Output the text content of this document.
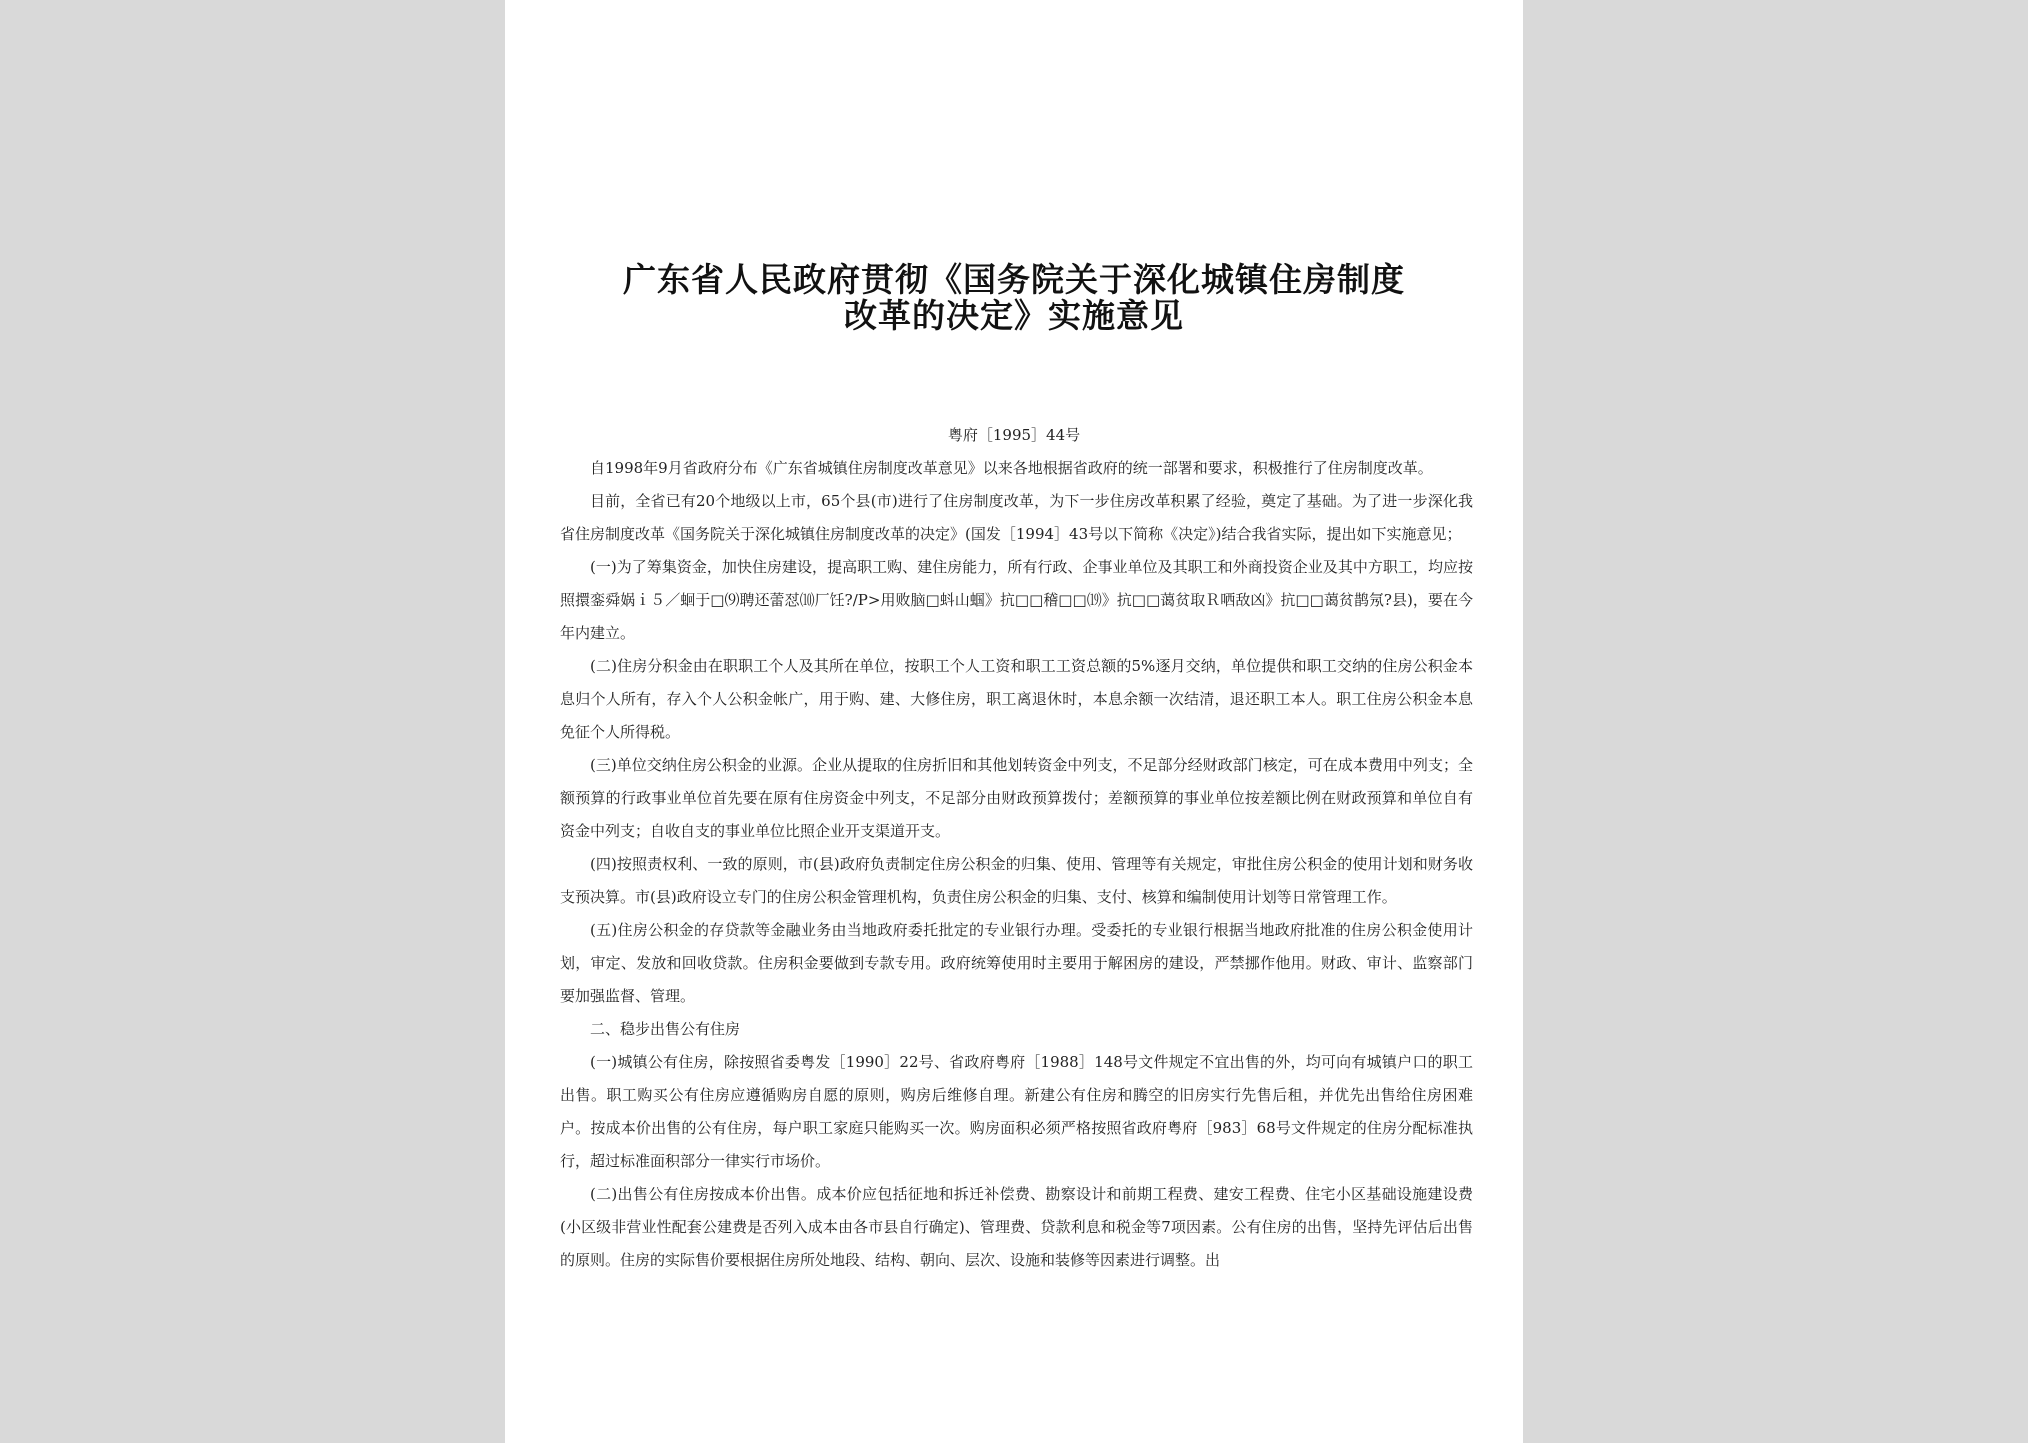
广东省人民政府贯彻《国务院关于深化城镇住房制度
改革的决定》实施意见
粤府［1995］44号

自1998年9月省政府分布《广东省城镇住房制度改革意见》以来各地根据省政府的统一部署和要求，积极推行了住房制度改革。

目前，全省已有20个地级以上市，65个县(市)进行了住房制度改革，为下一步住房改革积累了经验，奠定了基础。为了进一步深化我省住房制度改革《国务院关于深化城镇住房制度改革的决定》(国发［1994］43号以下简称《决定》)结合我省实际，提出如下实施意见；

(一)为了筹集资金，加快住房建设，提高职工购、建住房能力，所有行政、企事业单位及其职工和外商投资企业及其中方职工，均应按照擐銮舜娲ｉ５／蛔于□⑼聘还蕾怼⑽厂饪?/P>用败脑□蚪山蝈》抗□□稽□□⒆》抗□□蔼贫取Ｒ哂敌凶》抗□□蔼贫鹊氖?县)，要在今年内建立。

(二)住房分积金由在职职工个人及其所在单位，按职工个人工资和职工工资总额的5%逐月交纳，单位提供和职工交纳的住房公积金本息归个人所有，存入个人公积金帐广，用于购、建、大修住房，职工离退休时，本息余额一次结清，退还职工本人。职工住房公积金本息免征个人所得税。

(三)单位交纳住房公积金的业源。企业从提取的住房折旧和其他划转资金中列支，不足部分经财政部门核定，可在成本费用中列支；全额预算的行政事业单位首先要在原有住房资金中列支，不足部分由财政预算拨付；差额预算的事业单位按差额比例在财政预算和单位自有资金中列支；自收自支的事业单位比照企业开支渠道开支。

(四)按照责权利、一致的原则，市(县)政府负责制定住房公积金的归集、使用、管理等有关规定，审批住房公积金的使用计划和财务收支预决算。市(县)政府设立专门的住房公积金管理机构，负责住房公积金的归集、支付、核算和编制使用计划等日常管理工作。

(五)住房公积金的存贷款等金融业务由当地政府委托批定的专业银行办理。受委托的专业银行根据当地政府批准的住房公积金使用计划，审定、发放和回收贷款。住房积金要做到专款专用。政府统筹使用时主要用于解困房的建设，严禁挪作他用。财政、审计、监察部门要加强监督、管理。

二、稳步出售公有住房

(一)城镇公有住房，除按照省委粤发［1990］22号、省政府粤府［1988］148号文件规定不宜出售的外，均可向有城镇户口的职工出售。职工购买公有住房应遵循购房自愿的原则，购房后维修自理。新建公有住房和腾空的旧房实行先售后租，并优先出售给住房困难户。按成本价出售的公有住房，每户职工家庭只能购买一次。购房面积必须严格按照省政府粤府［983］68号文件规定的住房分配标准执行，超过标准面积部分一律实行市场价。

(二)出售公有住房按成本价出售。成本价应包括征地和拆迁补偿费、勘察设计和前期工程费、建安工程费、住宅小区基础设施建设费(小区级非营业性配套公建费是否列入成本由各市县自行确定)、管理费、贷款利息和税金等7项因素。公有住房的出售，坚持先评估后出售的原则。住房的实际售价要根据住房所处地段、结构、朝向、层次、设施和装修等因素进行调整。出
